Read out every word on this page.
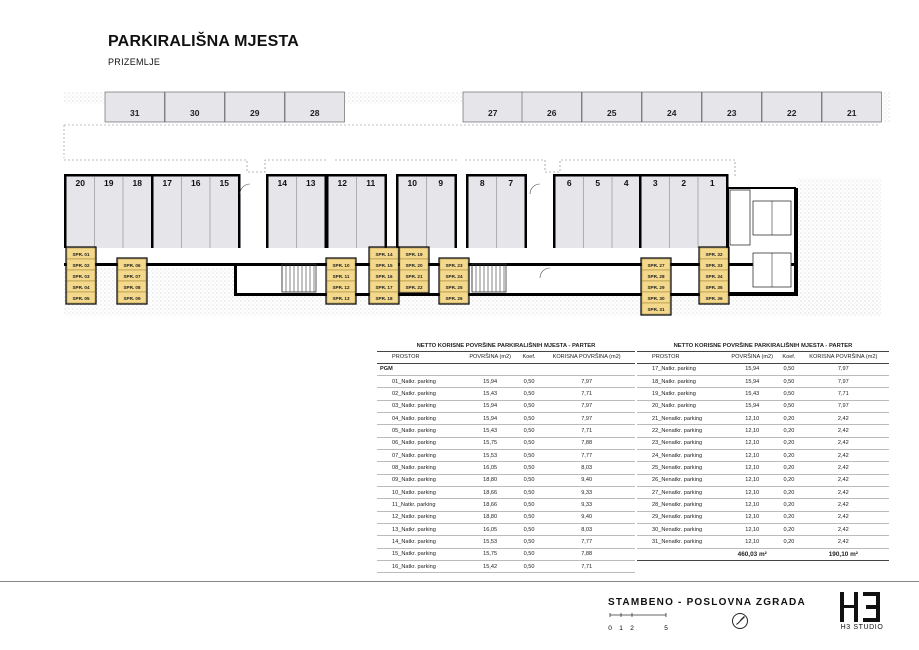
PARKIRALIŠNA MJESTA
PRIZEMLJE
31	30	29	28	27	26	25	24	23	22	21
20 19 18 17 16 15	14 13	12 11	10	9	8	7	6	5	4	3	2	1
SPR. 01
SPR. 02
SPR. 03
SPR. 04
SPR. 05
SPR. 06
SPR. 07
SPR. 08
SPR. 09
SPR. 10
SPR. 11
SPR. 12
SPR. 13
SPR. 14
SPR. 15
SPR. 16
SPR. 17
SPR. 18
SPR. 19
SPR. 20
SPR. 21
SPR. 22
SPR. 23
SPR. 24
SPR. 25
SPR. 26
SPR. 27
SPR. 28
SPR. 29
SPR. 30
SPR. 31
SPR. 32
SPR. 33
SPR. 34
SPR. 35
SPR. 36
NETTO KORISNE POVRŠINE PARKIRALIŠNIH MJESTA - PARTER
PROSTOR	POVRŠINA (m2)	Koef.	KORISNA POVRŠINA (m2)
PGM			
01_Natkr. parking	15,94	0,50	7,97
02_Natkr. parking	15,43	0,50	7,71
03_Natkr. parking	15,94	0,50	7,97
04_Natkr. parking	15,94	0,50	7,97
05_Natkr. parking	15,43	0,50	7,71
06_Natkr. parking	15,75	0,50	7,88
07_Natkr. parking	15,53	0,50	7,77
08_Natkr. parking	16,05	0,50	8,03
09_Natkr. parking	18,80	0,50	9,40
10_Natkr. parking	18,66	0,50	9,33
11_Natkr. parking	18,66	0,50	9,33
12_Natkr. parking	18,80	0,50	9,40
13_Natkr. parking	16,05	0,50	8,03
14_Natkr. parking	15,53	0,50	7,77
15_Natkr. parking	15,75	0,50	7,88
16_Natkr. parking	15,42	0,50	7,71
NETTO KORISNE POVRŠINE PARKIRALIŠNIH MJESTA - PARTER
PROSTOR	POVRŠINA (m2)	Koef.	KORISNA POVRŠINA (m2)
17_Natkr. parking	15,94	0,50	7,97
18_Natkr. parking	15,94	0,50	7,97
19_Natkr. parking	15,43	0,50	7,71
20_Natkr. parking	15,94	0,50	7,97
21_Nenatkr. parking	12,10	0,20	2,42
22_Nenatkr. parking	12,10	0,20	2,42
23_Nenatkr. parking	12,10	0,20	2,42
24_Nenatkr. parking	12,10	0,20	2,42
25_Nenatkr. parking	12,10	0,20	2,42
26_Nenatkr. parking	12,10	0,20	2,42
27_Nenatkr. parking	12,10	0,20	2,42
28_Nenatkr. parking	12,10	0,20	2,42
29_Nenatkr. parking	12,10	0,20	2,42
30_Nenatkr. parking	12,10	0,20	2,42
31_Nenatkr. parking	12,10	0,20	2,42
	460,03 m²		190,10 m²
STAMBENO - POSLOVNA ZGRADA
0 1 2	5	H3 STUDIO
